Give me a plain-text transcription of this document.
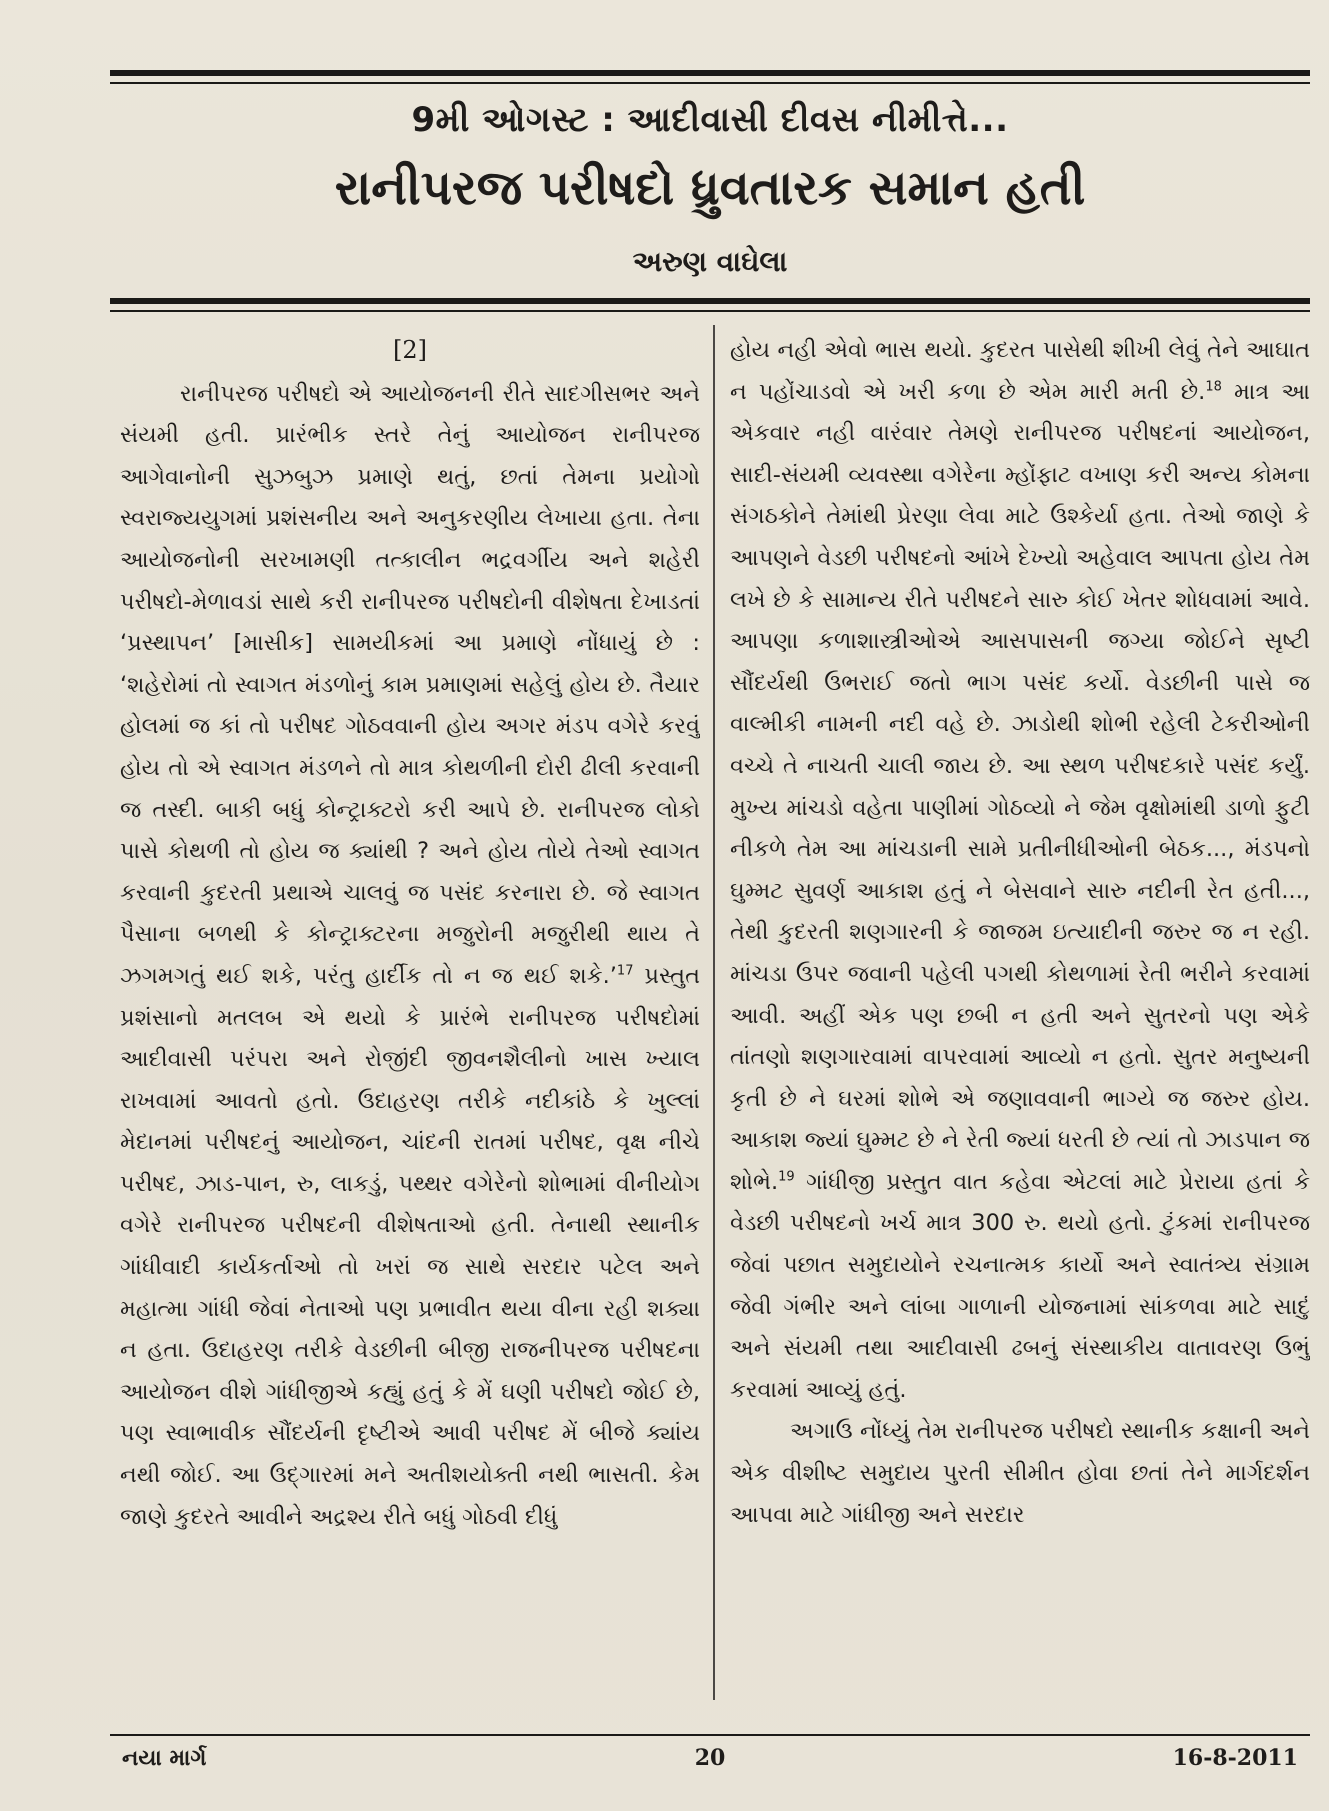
9મી ઓગસ્ટ : આદીવાસી દીવસ નીમીત્તે...
રાનીપરજ પરીષદો ધ્રુવતારક સમાન હતી
અરુણ વાઘેલા
[2]

રાનીપરજ પરીષદો એ આયોજનની રીતે સાદગીસભર અને સંયમી હતી. પ્રારંભીક સ્તરે તેનું આયોજન રાનીપરજ આગેવાનોની સુઝબુઝ પ્રમાણે થતું, છતાં તેમના પ્રયોગો સ્વરાજ્યયુગમાં પ્રશંસનીય અને અનુકરણીય લેખાયા હતા. તેના આયોજનોની સરખામણી તત્કાલીન ભદ્રવર્ગીય અને શહેરી પરીષદો-મેળાવડાં સાથે કરી રાનીપરજ પરીષદોની વીશેષતા દેખાડતાં ‘પ્રસ્થાપન’ [માસીક] સામયીકમાં આ પ્રમાણે નોંધાયું છે : ‘શહેરોમાં તો સ્વાગત મંડળોનું કામ પ્રમાણમાં સહેલું હોય છે. તૈયાર હોલમાં જ કાં તો પરીષદ ગોઠવવાની હોય અગર મંડપ વગેરે કરવું હોય તો એ સ્વાગત મંડળને તો માત્ર કોથળીની દોરી ઢીલી કરવાની જ તસ્દી. બાકી બધું કોન્ટ્રાક્ટરો કરી આપે છે. રાનીપરજ લોકો પાસે કોથળી તો હોય જ ક્યાંથી ? અને હોય તોયે તેઓ સ્વાગત કરવાની કુદરતી પ્રથાએ ચાલવું જ પસંદ કરનારા છે. જે સ્વાગત પૈસાના બળથી કે કોન્ટ્રાક્ટરના મજુરોની મજુરીથી થાય તે ઝગમગતું થઈ શકે, પરંતુ હાર્દીક તો ન જ થઈ શકે.’$^{17}$ પ્રસ્તુત પ્રશંસાનો મતલબ એ થયો કે પ્રારંભે રાનીપરજ પરીષદોમાં આદીવાસી પરંપરા અને રોજીંદી જીવનશૈલીનો ખાસ ખ્યાલ રાખવામાં આવતો હતો. ઉદાહરણ તરીકે નદીકાંઠે કે ખુલ્લાં મેદાનમાં પરીષદનું આયોજન, ચાંદની રાતમાં પરીષદ, વૃક્ષ નીચે પરીષદ, ઝાડ-પાન, રુ, લાકડું, પથ્થર વગેરેનો શોભામાં વીનીયોગ વગેરે રાનીપરજ પરીષદની વીશેષતાઓ હતી. તેનાથી સ્થાનીક ગાંધીવાદી કાર્યકર્તાઓ તો ખરાં જ સાથે સરદાર પટેલ અને મહાત્મા ગાંધી જેવાં નેતાઓ પણ પ્રભાવીત થયા વીના રહી શક્યા ન હતા. ઉદાહરણ તરીકે વેડછીની બીજી રાજનીપરજ પરીષદના આયોજન વીશે ગાંધીજીએ કહ્યું હતું કે મેં ઘણી પરીષદો જોઈ છે, પણ સ્વાભાવીક સૌંદર્યની દૃષ્ટીએ આવી પરીષદ મેં બીજે ક્યાંય નથી જોઈ. આ ઉદ્ગારમાં મને અતીશયોક્તી નથી ભાસતી. કેમ જાણે કુદરતે આવીને અદ્રશ્ય રીતે બધું ગોઠવી દીધું

હોય નહી એવો ભાસ થયો. કુદરત પાસેથી શીખી લેવું તેને આઘાત ન પહોંચાડવો એ ખરી કળા છે એમ મારી મતી છે.$^{18}$ માત્ર આ એકવાર નહી વારંવાર તેમણે રાનીપરજ પરીષદનાં આયોજન, સાદી-સંયમી વ્યવસ્થા વગેરેના મ્હોંફાટ વખાણ કરી અન્ય કોમના સંગઠકોને તેમાંથી પ્રેરણા લેવા માટે ઉશ્કેર્યા હતા. તેઓ જાણે કે આપણને વેડછી પરીષદનો આંખે દેખ્યો અહેવાલ આપતા હોય તેમ લખે છે કે સામાન્ય રીતે પરીષદને સારુ કોઈ ખેતર શોધવામાં આવે. આપણા કળાશાસ્ત્રીઓએ આસપાસની જગ્યા જોઈને સૃષ્ટી સૌંદર્યથી ઉભરાઈ જતો ભાગ પસંદ કર્યો. વેડછીની પાસે જ વાલ્મીકી નામની નદી વહે છે. ઝાડોથી શોભી રહેલી ટેકરીઓની વચ્ચે તે નાચતી ચાલી જાય છે. આ સ્થળ પરીષદકારે પસંદ કર્યું. મુખ્ય માંચડો વહેતા પાણીમાં ગોઠવ્યો ને જેમ વૃક્ષોમાંથી ડાળો ફુટી નીકળે તેમ આ માંચડાની સામે પ્રતીનીધીઓની બેઠક..., મંડપનો ઘુમ્મટ સુવર્ણ આકાશ હતું ને બેસવાને સારુ નદીની રેત હતી..., તેથી કુદરતી શણગારની કે જાજમ ઇત્યાદીની જરુર જ ન રહી. માંચડા ઉપર જવાની પહેલી પગથી કોથળામાં રેતી ભરીને કરવામાં આવી. અહીં એક પણ છબી ન હતી અને સુતરનો પણ એકે તાંતણો શણગારવામાં વાપરવામાં આવ્યો ન હતો. સુતર મનુષ્યની કૃતી છે ને ઘરમાં શોભે એ જણાવવાની ભાગ્યે જ જરુર હોય. આકાશ જ્યાં ઘુમ્મટ છે ને રેતી જ્યાં ધરતી છે ત્યાં તો ઝાડપાન જ શોભે.$^{19}$ ગાંધીજી પ્રસ્તુત વાત કહેવા એટલાં માટે પ્રેરાયા હતાં કે વેડછી પરીષદનો ખર્ચ માત્ર 300 રુ. થયો હતો. ટુંકમાં રાનીપરજ જેવાં પછાત સમુદાયોને રચનાત્મક કાર્યો અને સ્વાતંત્ર્ય સંગ્રામ જેવી ગંભીર અને લાંબા ગાળાની યોજનામાં સાંકળવા માટે સાદું અને સંયમી તથા આદીવાસી ઢબનું સંસ્થાકીય વાતાવરણ ઉભું કરવામાં આવ્યું હતું.

અગાઉ નોંધ્યું તેમ રાનીપરજ પરીષદો સ્થાનીક કક્ષાની અને એક વીશીષ્ટ સમુદાય પુરતી સીમીત હોવા છતાં તેને માર્ગદર્શન આપવા માટે ગાંધીજી અને સરદાર

નયા માર્ગ	20	16-8-2011
